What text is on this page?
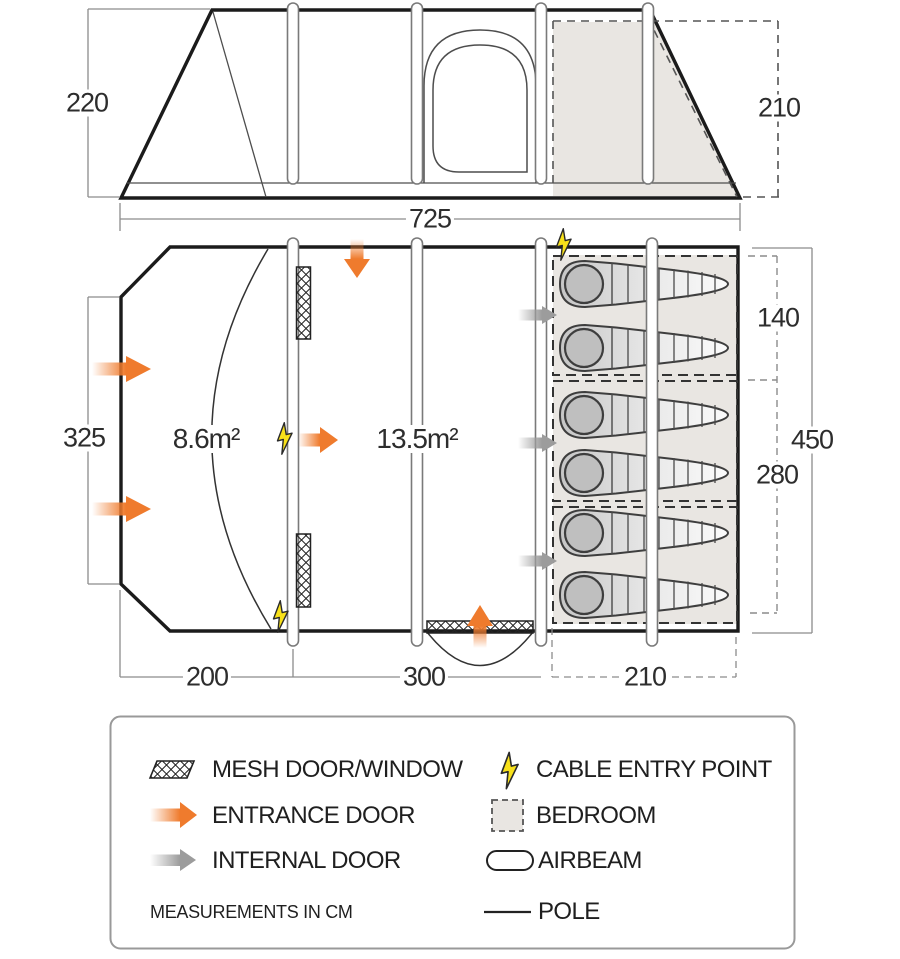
220	210
725
325 8.6m²	13.5m²
140
450
280
200	300	210
MESH DOOR/WINDOW	CABLE ENTRY POINT
ENTRANCE DOOR	BEDROOM
INTERNAL DOOR	AIRBEAM
MEASUREMENTS IN CM	POLE
